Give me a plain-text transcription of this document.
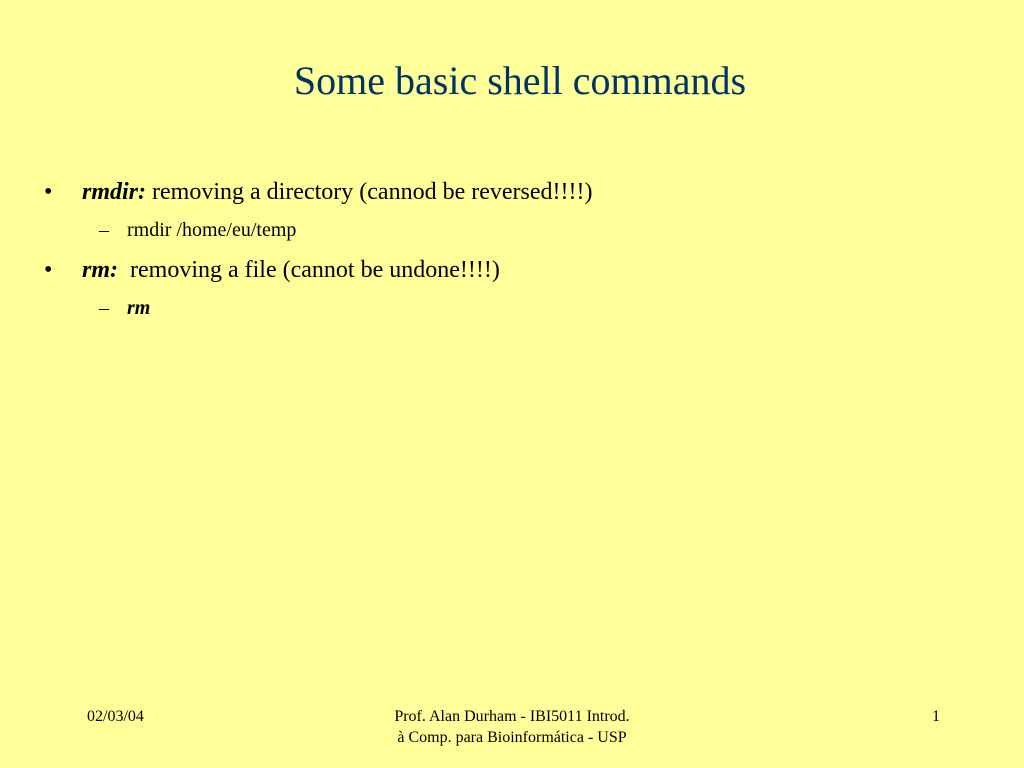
Some basic shell commands
• rmdir: removing a directory (cannod be reversed!!!!)
– rmdir /home/eu/temp
• rm:  removing a file (cannot be undone!!!!)
– rm
02/03/04	Prof. Alan Durham - IBI5011 Introd.
à Comp. para Bioinformática - USP
1
